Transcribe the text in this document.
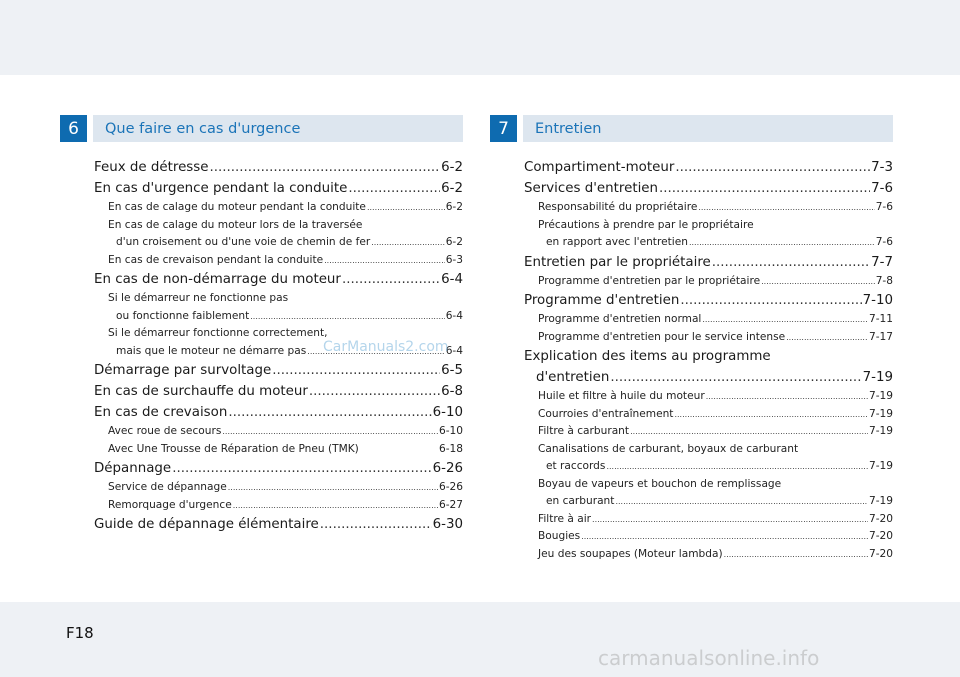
F18
6	Que faire en cas d'urgence
Feux de détresse .....	6-2
En cas d'urgence pendant la conduite .....	6-2
En cas de calage du moteur pendant la conduite .....	6-2
En cas de calage du moteur lors de la traversée
d'un croisement ou d'une voie de chemin de fer .....	6-2
En cas de crevaison pendant la conduite .....	6-3
En cas de non-démarrage du moteur .....	6-4
Si le démarreur ne fonctionne pas
ou fonctionne faiblement .....	6-4
Si le démarreur fonctionne correctement,
mais que le moteur ne démarre pas .....	6-4
Démarrage par survoltage .....	6-5
En cas de surchauffe du moteur .....	6-8
En cas de crevaison .....	6-10
Avec roue de secours .....	6-10
Avec Une Trousse de Réparation de Pneu (TMK)	6-18
Dépannage .....	6-26
Service de dépannage .....	6-26
Remorquage d'urgence .....	6-27
Guide de dépannage élémentaire .....	6-30
7	Entretien
Compartiment-moteur .....	7-3
Services d'entretien .....	7-6
Responsabilité du propriétaire .....	7-6
Précautions à prendre par le propriétaire
en rapport avec l'entretien .....	7-6
Entretien par le propriétaire .....	7-7
Programme d'entretien par le propriétaire .....	7-8
Programme d'entretien .....	7-10
Programme d'entretien normal .....	7-11
Programme d'entretien pour le service intense .....	7-17
Explication des items au programme
d'entretien .....	7-19
Huile et filtre à huile du moteur .....	7-19
Courroies d'entraînement .....	7-19
Filtre à carburant .....	7-19
Canalisations de carburant, boyaux de carburant
et raccords .....	7-19
Boyau de vapeurs et bouchon de remplissage
en carburant .....	7-19
Filtre à air .....	7-20
Bougies .....	7-20
Jeu des soupapes (Moteur lambda) .....	7-20
CarManuals2.com
carmanualsonline.info
